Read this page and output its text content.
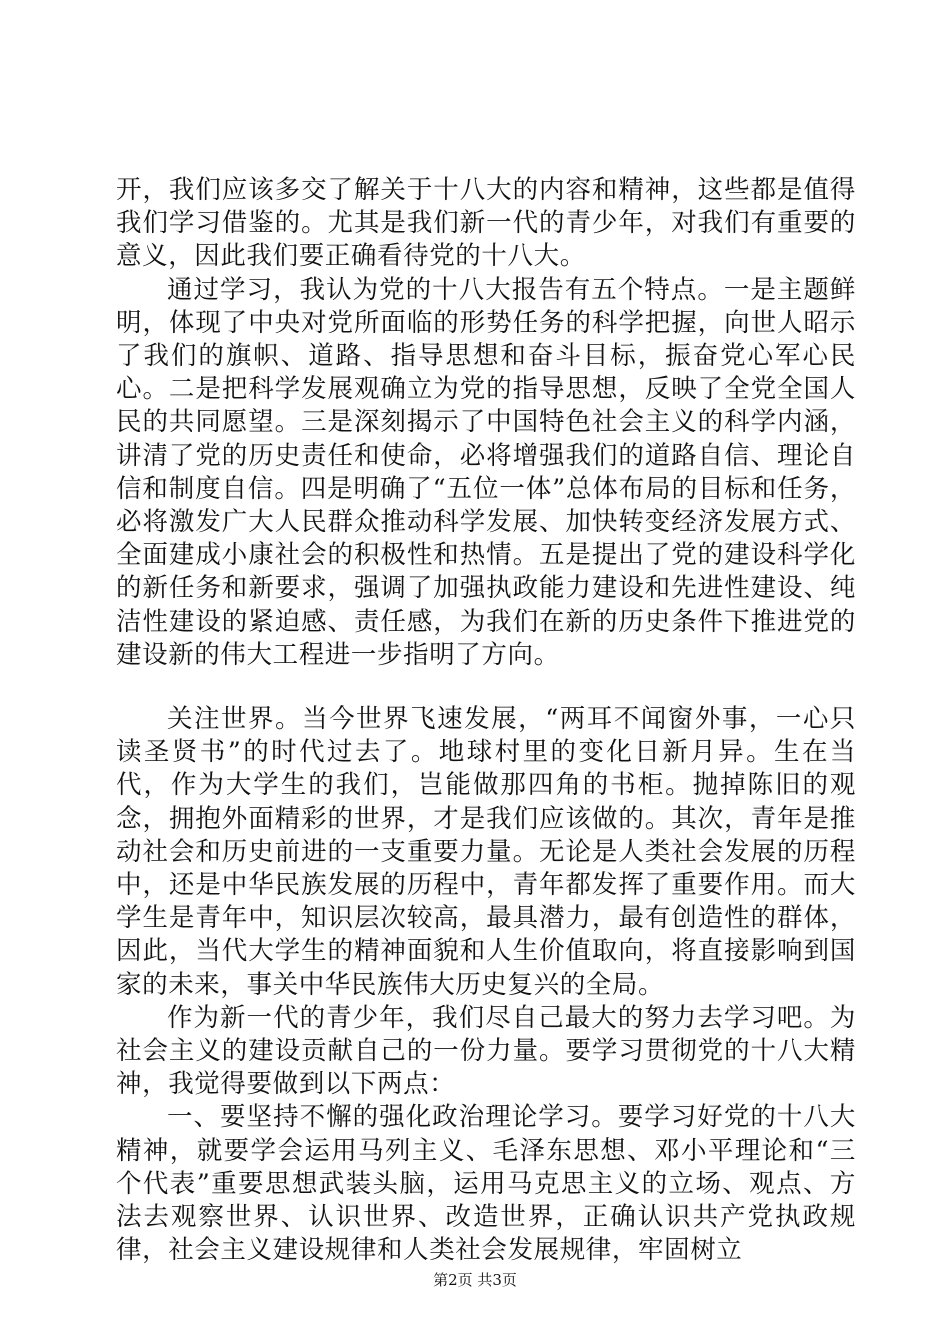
开，我们应该多交了解关于十八大的内容和精神，这些都是值得我们学习借鉴的。尤其是我们新一代的青少年，对我们有重要的意义，因此我们要正确看待党的十八大。

通过学习，我认为党的十八大报告有五个特点。一是主题鲜明，体现了中央对党所面临的形势任务的科学把握，向世人昭示了我们的旗帜、道路、指导思想和奋斗目标，振奋党心军心民心。二是把科学发展观确立为党的指导思想，反映了全党全国人民的共同愿望。三是深刻揭示了中国特色社会主义的科学内涵，讲清了党的历史责任和使命，必将增强我们的道路自信、理论自信和制度自信。四是明确了“五位一体”总体布局的目标和任务，必将激发广大人民群众推动科学发展、加快转变经济发展方式、全面建成小康社会的积极性和热情。五是提出了党的建设科学化的新任务和新要求，强调了加强执政能力建设和先进性建设、纯洁性建设的紧迫感、责任感，为我们在新的历史条件下推进党的建设新的伟大工程进一步指明了方向。

关注世界。当今世界飞速发展，“两耳不闻窗外事，一心只读圣贤书”的时代过去了。地球村里的变化日新月异。生在当代，作为大学生的我们，岂能做那四角的书柜。抛掉陈旧的观念，拥抱外面精彩的世界，才是我们应该做的。其次，青年是推动社会和历史前进的一支重要力量。无论是人类社会发展的历程中，还是中华民族发展的历程中，青年都发挥了重要作用。而大学生是青年中，知识层次较高，最具潜力，最有创造性的群体，因此，当代大学生的精神面貌和人生价值取向，将直接影响到国家的未来，事关中华民族伟大历史复兴的全局。

作为新一代的青少年，我们尽自己最大的努力去学习吧。为社会主义的建设贡献自己的一份力量。要学习贯彻党的十八大精神，我觉得要做到以下两点：

一、要坚持不懈的强化政治理论学习。要学习好党的十八大精神，就要学会运用马列主义、毛泽东思想、邓小平理论和“三个代表”重要思想武装头脑，运用马克思主义的立场、观点、方法去观察世界、认识世界、改造世界，正确认识共产党执政规律，社会主义建设规律和人类社会发展规律，牢固树立

第2页 共3页
